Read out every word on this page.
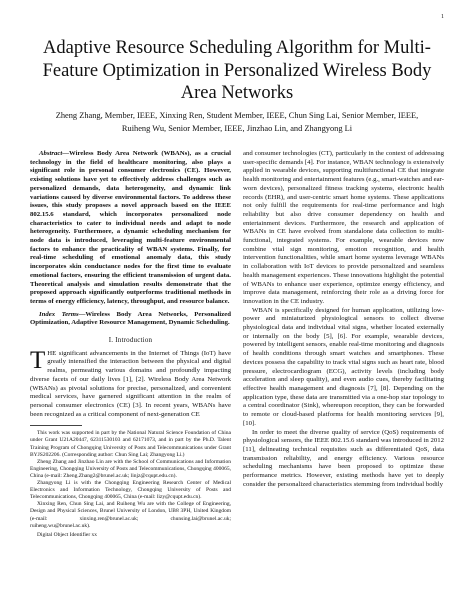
1
Adaptive Resource Scheduling Algorithm for Multi-Feature Optimization in Personalized Wireless Body Area Networks
Zheng Zhang, Member, IEEE, Xinxing Ren, Student Member, IEEE, Chun Sing Lai, Senior Member, IEEE,
Ruiheng Wu, Senior Member, IEEE, Jinzhao Lin, and Zhangyong Li

Abstract—Wireless Body Area Network (WBANs), as a crucial technology in the field of healthcare monitoring, also plays a significant role in personal consumer electronics (CE). However, existing solutions have yet to effectively address challenges such as personalized demands, data heterogeneity, and dynamic link variations caused by diverse environmental factors. To address these issues, this study proposes a novel approach based on the IEEE 802.15.6 standard, which incorporates personalized node characteristics to cater to individual needs and adapt to node heterogeneity. Furthermore, a dynamic scheduling mechanism for node data is introduced, leveraging multi-feature environmental factors to enhance the practicality of WBAN systems. Finally, for real-time scheduling of emotional anomaly data, this study incorporates skin conductance nodes for the first time to evaluate emotional factors, ensuring the efficient transmission of urgent data. Theoretical analysis and simulation results demonstrate that the proposed approach significantly outperforms traditional methods in terms of energy efficiency, latency, throughput, and resource balance.

Index Terms—Wireless Body Area Networks, Personalized Optimization, Adaptive Resource Management, Dynamic Scheduling.

I. Introduction

THE significant advancements in the Internet of Things (IoT) have greatly intensified the interaction between the physical and digital realms, permeating various domains and profoundly impacting diverse facets of our daily lives [1], [2]. Wireless Body Area Network (WBANs) as pivotal solutions for precise, personalized, and convenient medical services, have garnered significant attention in the realm of personal consumer electronics (CE) [3]. In recent years, WBANs have been recognized as a critical component of next-generation CE

This work was supported in part by the National Natural Science Foundation of China under Grant U21A20447, 62311530103 and 62171073, and in part by the Ph.D. Talent Training Program of Chongqing University of Posts and Telecommunications under Grant BYJS202206. (Corresponding author: Chun Sing Lai; Zhangyong Li.)

Zheng Zhang and Jinzhao Lin are with the School of Communications and Information Engineering, Chongqing University of Posts and Telecommunications, Chongqing 400065, China (e-mail: Zheng.Zhang2@brunel.ac.uk; linjz@cqupt.edu.cn).

Zhangyong Li is with the Chongqing Engineering Research Center of Medical Electronics and Information Technology, Chongqing University of Posts and Telecommunications, Chongqing 400065, China (e-mail: lizy@cqupt.edu.cn).

Xinxing Ren, Chun Sing Lai, and Ruiheng Wu are with the College of Engineering, Design and Physical Sciences, Brunel University of London, UB8 3PH, United Kingdom (e-mail: xinxing.ren@brunel.ac.uk; chunsing.lai@brunel.ac.uk; ruiheng.wu@brunel.ac.uk).

Digital Object Identifier xx

and consumer technologies (CT), particularly in the context of addressing user-specific demands [4]. For instance, WBAN technology is extensively applied in wearable devices, supporting multifunctional CE that integrate health monitoring and entertainment features (e.g., smart-watches and ear-worn devices), personalized fitness tracking systems, electronic health records (EHR), and user-centric smart home systems. These applications not only fulfill the requirements for real-time performance and high reliability but also drive consumer dependency on health and entertainment devices. Furthermore, the research and application of WBANs in CE have evolved from standalone data collection to multi-functional, integrated systems. For example, wearable devices now combine vital sign monitoring, emotion recognition, and health intervention functionalities, while smart home systems leverage WBANs in collaboration with IoT devices to provide personalized and seamless health management experiences. These innovations highlight the potential of WBANs to enhance user experience, optimize energy efficiency, and improve data management, reinforcing their role as a driving force for innovation in the CE industry.

WBAN is specifically designed for human application, utilizing low-power and miniaturized physiological sensors to collect diverse physiological data and individual vital signs, whether located externally or internally on the body [5], [6]. For example, wearable devices, powered by intelligent sensors, enable real-time monitoring and diagnosis of health conditions through smart watches and smartphones. These devices possess the capability to track vital signs such as heart rate, blood pressure, electrocardiogram (ECG), activity levels (including body acceleration and sleep quality), and even audio cues, thereby facilitating effective health management and diagnosis [7], [8]. Depending on the application type, these data are transmitted via a one-hop star topology to a central coordinator (Sink), whereupon reception, they can be forwarded to remote or cloud-based platforms for health monitoring services [9], [10].

In order to meet the diverse quality of service (QoS) requirements of physiological sensors, the IEEE 802.15.6 standard was introduced in 2012 [11], delineating technical requisites such as differentiated QoS, data transmission reliability, and energy efficiency. Various resource scheduling mechanisms have been proposed to optimize these performance metrics. However, existing methods have yet to deeply consider the personalized characteristics stemming from individual bodily
